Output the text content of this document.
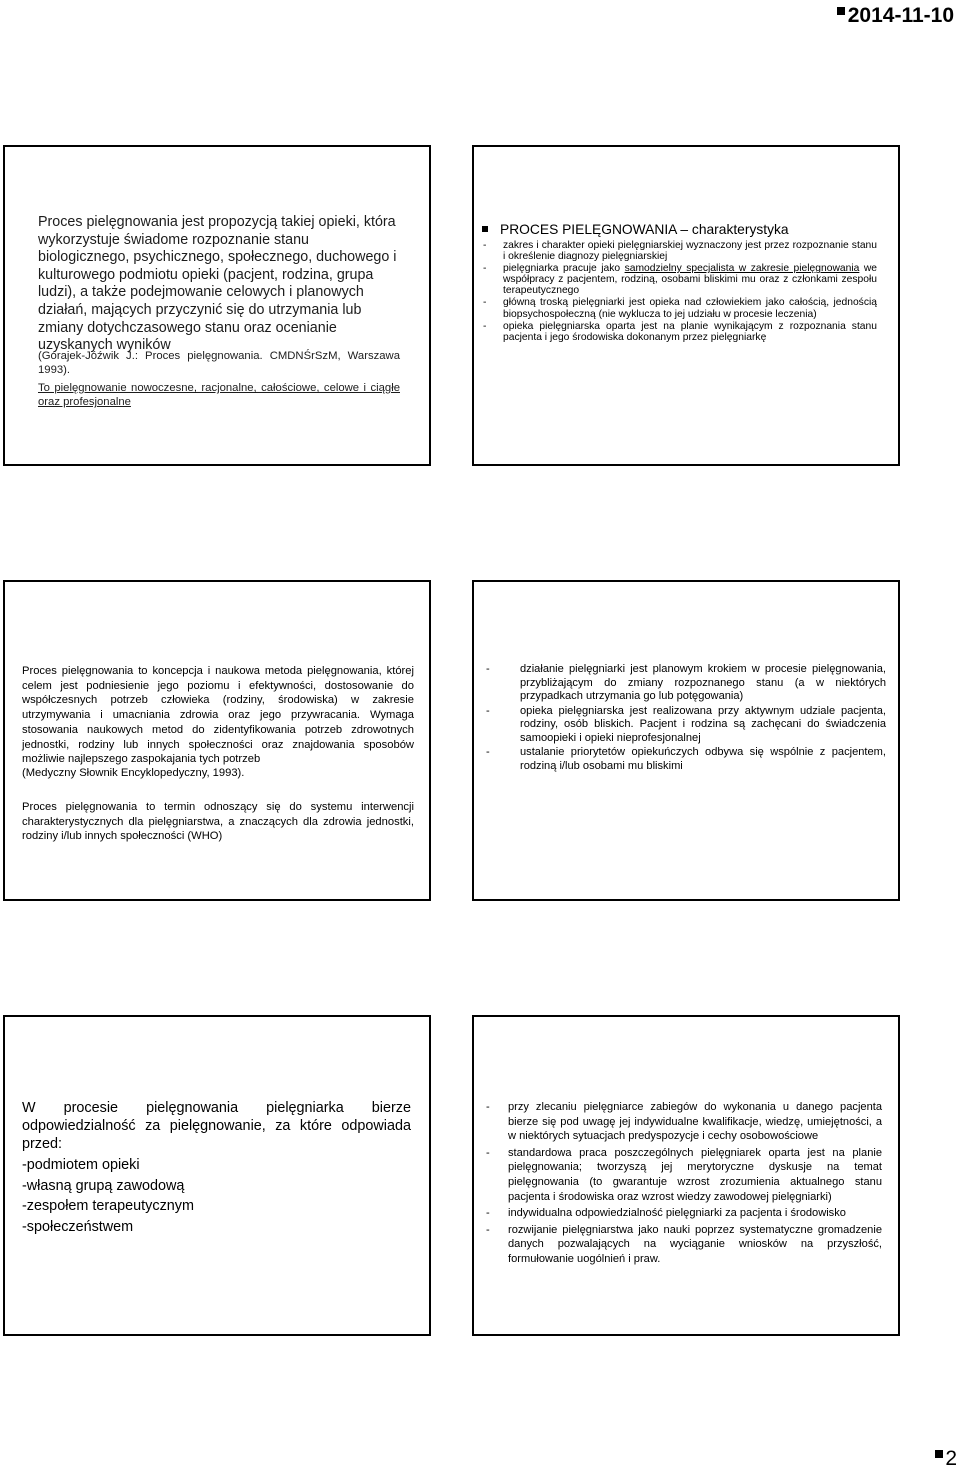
2014-11-10
Proces pielęgnowania jest propozycją takiej opieki, która wykorzystuje świadome rozpoznanie stanu biologicznego, psychicznego, społecznego, duchowego i kulturowego podmiotu opieki (pacjent, rodzina, grupa ludzi), a także podejmowanie celowych i planowych działań, mających przyczynić się do utrzymania lub zmiany dotychczasowego stanu oraz ocenianie uzyskanych wyników
(Górajek-Jóźwik J.: Proces pielęgnowania. CMDNŚrSzM, Warszawa 1993).
To pielęgnowanie nowoczesne, racjonalne, całościowe, celowe i ciągłe oraz profesjonalne
PROCES PIELĘGNOWANIA – charakterystyka
- zakres i charakter opieki pielęgniarskiej wyznaczony jest przez rozpoznanie stanu i określenie diagnozy pielęgniarskiej
- pielęgniarka pracuje jako samodzielny specjalista w zakresie pielęgnowania we współpracy z pacjentem, rodziną, osobami bliskimi mu oraz z członkami zespołu terapeutycznego
- główną troską pielęgniarki jest opieka nad człowiekiem jako całością, jednością biopsychospołeczną (nie wyklucza to jej udziału w procesie leczenia)
- opieka pielęgniarska oparta jest na planie wynikającym z rozpoznania stanu pacjenta i jego środowiska dokonanym przez pielęgniarkę
Proces pielęgnowania to koncepcja i naukowa metoda pielęgnowania, której celem jest podniesienie jego poziomu i efektywności, dostosowanie do współczesnych potrzeb człowieka (rodziny, środowiska) w zakresie utrzymywania i umacniania zdrowia oraz jego przywracania. Wymaga stosowania naukowych metod do zidentyfikowania potrzeb zdrowotnych jednostki, rodziny lub innych społeczności oraz znajdowania sposobów możliwie najlepszego zaspokajania tych potrzeb
(Medyczny Słownik Encyklopedyczny, 1993).
Proces pielęgnowania to termin odnoszący się do systemu interwencji charakterystycznych dla pielęgniarstwa, a znaczących dla zdrowia jednostki, rodziny i/lub innych społeczności (WHO)
-	działanie pielęgniarki jest planowym krokiem w procesie pielęgnowania, przybliżającym do zmiany rozpoznanego stanu (a w niektórych przypadkach utrzymania go lub potęgowania)
-	opieka pielęgniarska jest realizowana przy aktywnym udziale pacjenta, rodziny, osób bliskich. Pacjent i rodzina są zachęcani do świadczenia samoopieki i opieki nieprofesjonalnej
-	ustalanie priorytetów opiekuńczych odbywa się wspólnie z pacjentem, rodziną i/lub osobami mu bliskimi
W procesie pielęgnowania pielęgniarka bierze odpowiedzialność za pielęgnowanie, za które odpowiada przed:
-podmiotem opieki
-własną grupą zawodową
-zespołem terapeutycznym
-społeczeństwem
- przy zlecaniu pielęgniarce zabiegów do wykonania u danego pacjenta bierze się pod uwagę jej indywidualne kwalifikacje, wiedzę, umiejętności, a w niektórych sytuacjach predyspozycje i cechy osobowościowe
- standardowa praca poszczególnych pielęgniarek oparta jest na planie pielęgnowania; tworzyszą jej merytoryczne dyskusje na temat pielęgnowania (to gwarantuje wzrost zrozumienia aktualnego stanu pacjenta i środowiska oraz wzrost wiedzy zawodowej pielęgniarki)
- indywidualna odpowiedzialność pielęgniarki za pacjenta i środowisko
- rozwijanie pielęgniarstwa jako nauki poprzez systematyczne gromadzenie danych pozwalających na wyciąganie wniosków na przyszłość, formułowanie uogólnień i praw.
2
